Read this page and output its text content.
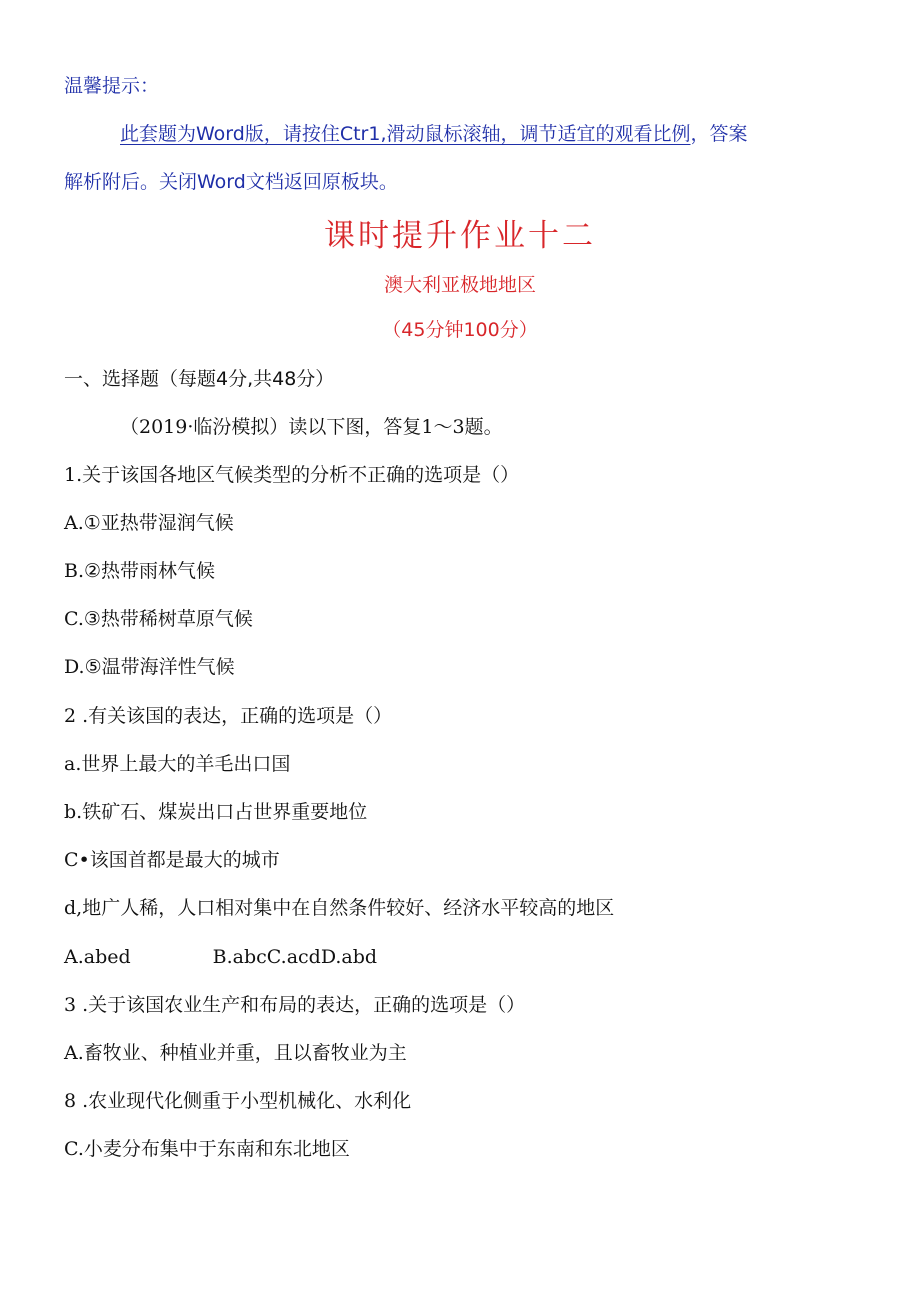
温馨提示：
此套题为Word版，请按住Ctr1,滑动鼠标滚轴，调节适宜的观看比例，答案
解析附后。关闭Word文档返回原板块。
课时提升作业十二
澳大利亚极地地区
（45分钟100分）
一、选择题（每题4分,共48分）
（2019·临汾模拟）读以下图，答复1～3题。
1.关于该国各地区气候类型的分析不正确的选项是（）
A.①亚热带湿润气候
B.②热带雨林气候
C.③热带稀树草原气候
D.⑤温带海洋性气候
2 .有关该国的表达，正确的选项是（）
a.世界上最大的羊毛出口国
b.铁矿石、煤炭出口占世界重要地位
C•该国首都是最大的城市
d,地广人稀，人口相对集中在自然条件较好、经济水平较高的地区
A.abed	B.abcC.acdD.abd
3 .关于该国农业生产和布局的表达，正确的选项是（）
A.畜牧业、种植业并重，且以畜牧业为主
8 .农业现代化侧重于小型机械化、水利化
C.小麦分布集中于东南和东北地区
